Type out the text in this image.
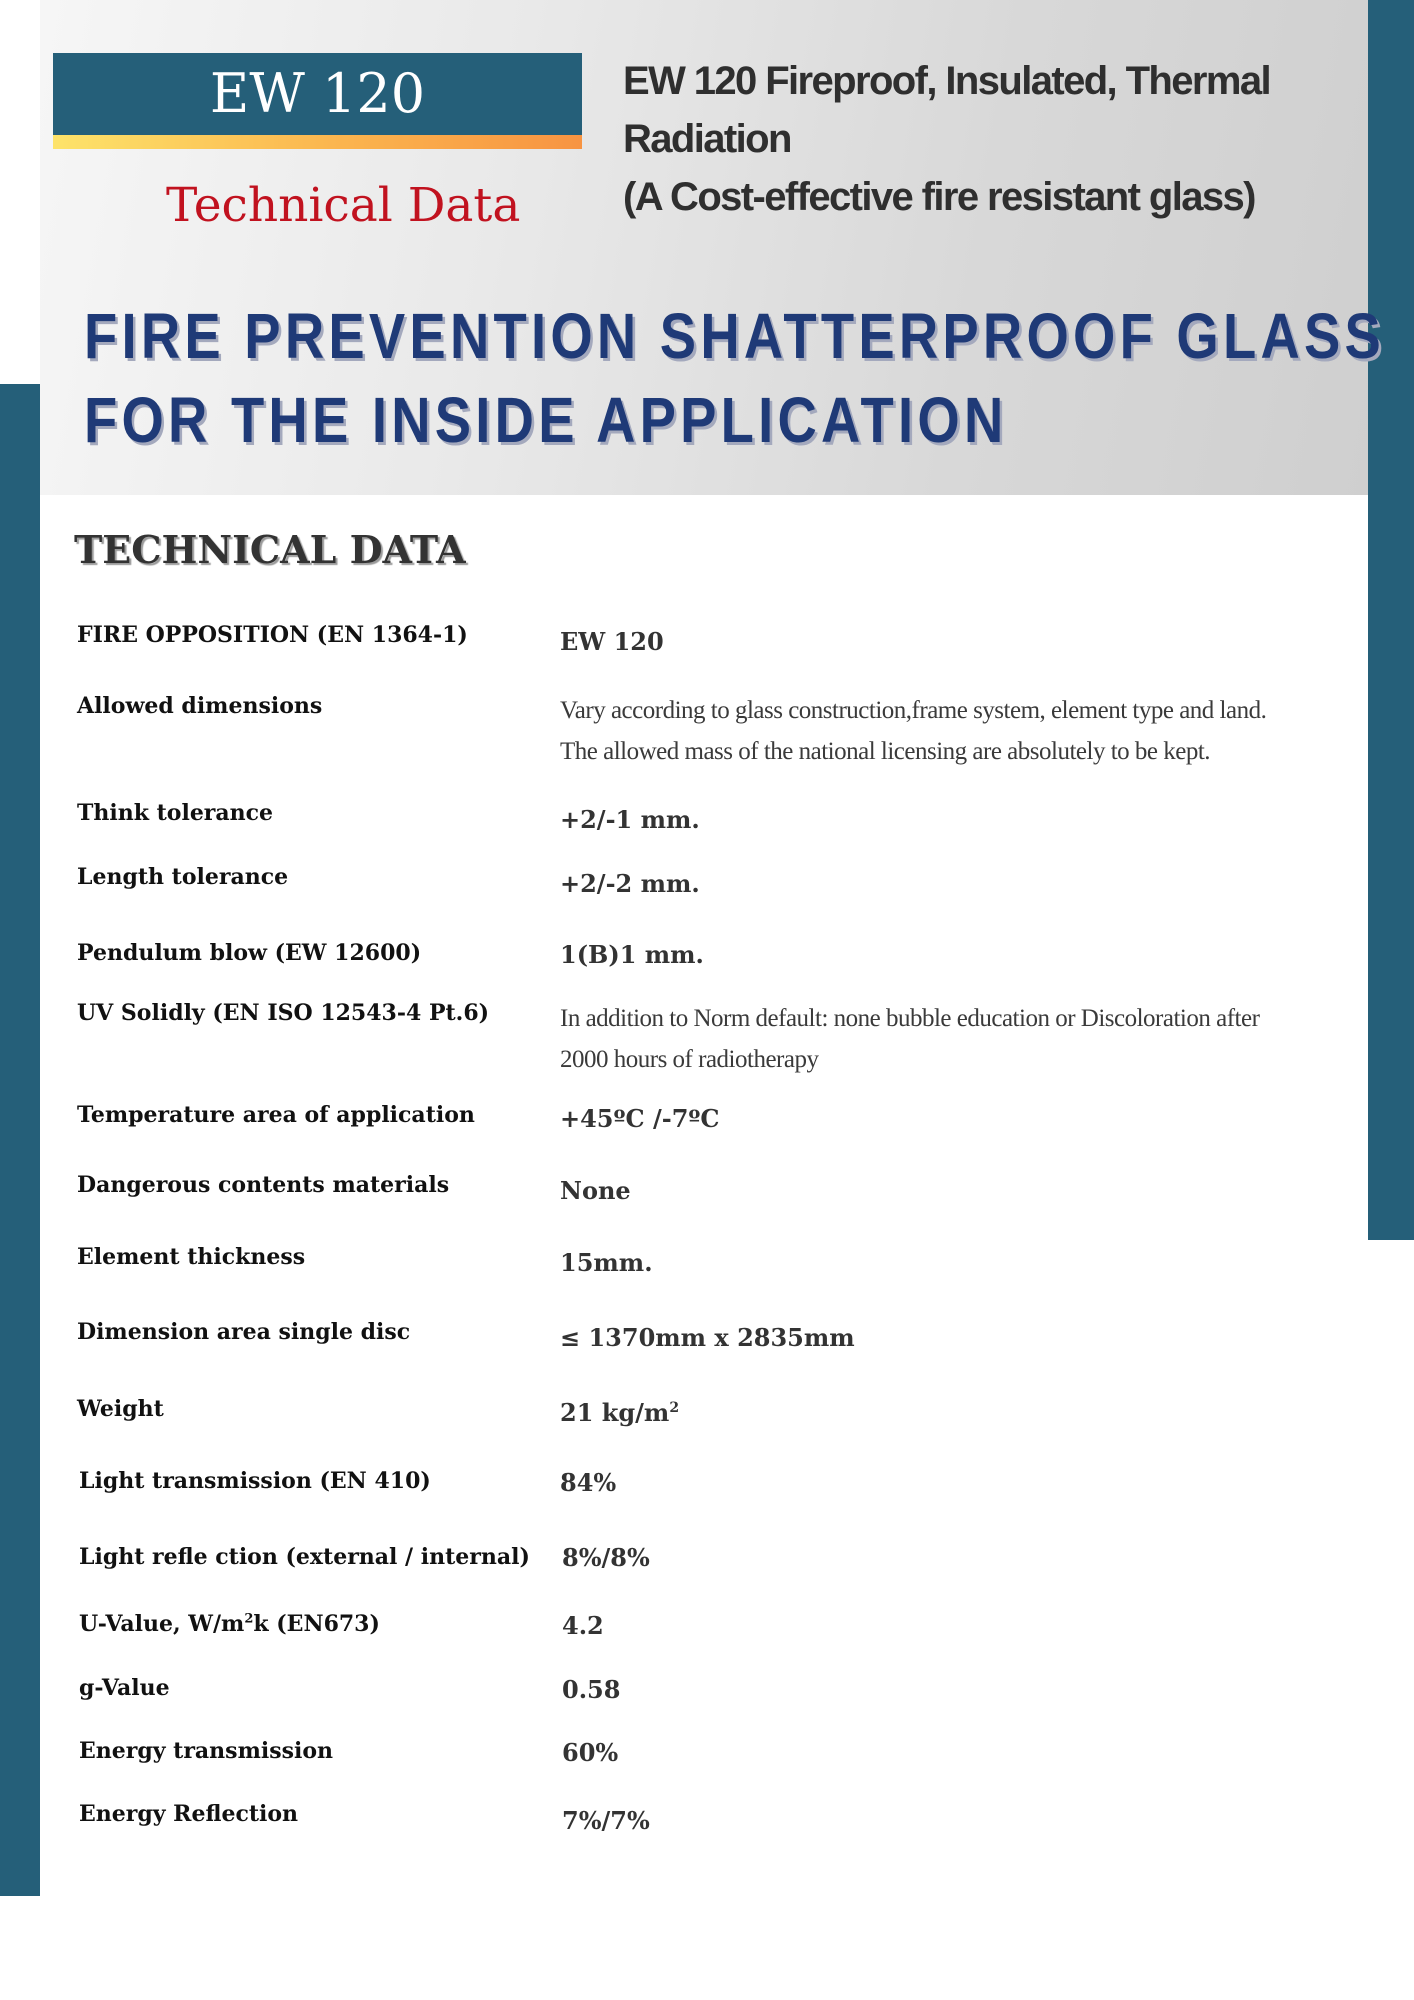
EW 120
Technical Data
EW 120 Fireproof, Insulated, Thermal Radiation
(A Cost-effective fire resistant glass)
FIRE PREVENTION SHATTERPROOF GLASS
FOR THE INSIDE APPLICATION
TECHNICAL DATA
FIRE OPPOSITION (EN 1364-1)	EW 120
Allowed dimensions	Vary according to glass construction,frame system, element type and land.
The allowed mass of the national licensing are absolutely to be kept.
Think tolerance	+2/-1 mm.
Length tolerance	+2/-2 mm.
Pendulum blow (EW 12600)	1(B)1 mm.
UV Solidly (EN ISO 12543-4 Pt.6)	In addition to Norm default: none bubble education or Discoloration after
2000 hours of radiotherapy
Temperature area of application	+45ºC /-7ºC
Dangerous contents materials	None
Element thickness	15mm.
Dimension area single disc	≤ 1370mm x 2835mm
Weight	21 $kg/m^2$
Light transmission (EN 410)	84%
Light refle ction (external / internal) 8%/8%
U-Value, $W/m^2k$ (EN673)	4.2
g-Value	0.58
Energy transmission	60%
Energy Reflection	7%/7%
